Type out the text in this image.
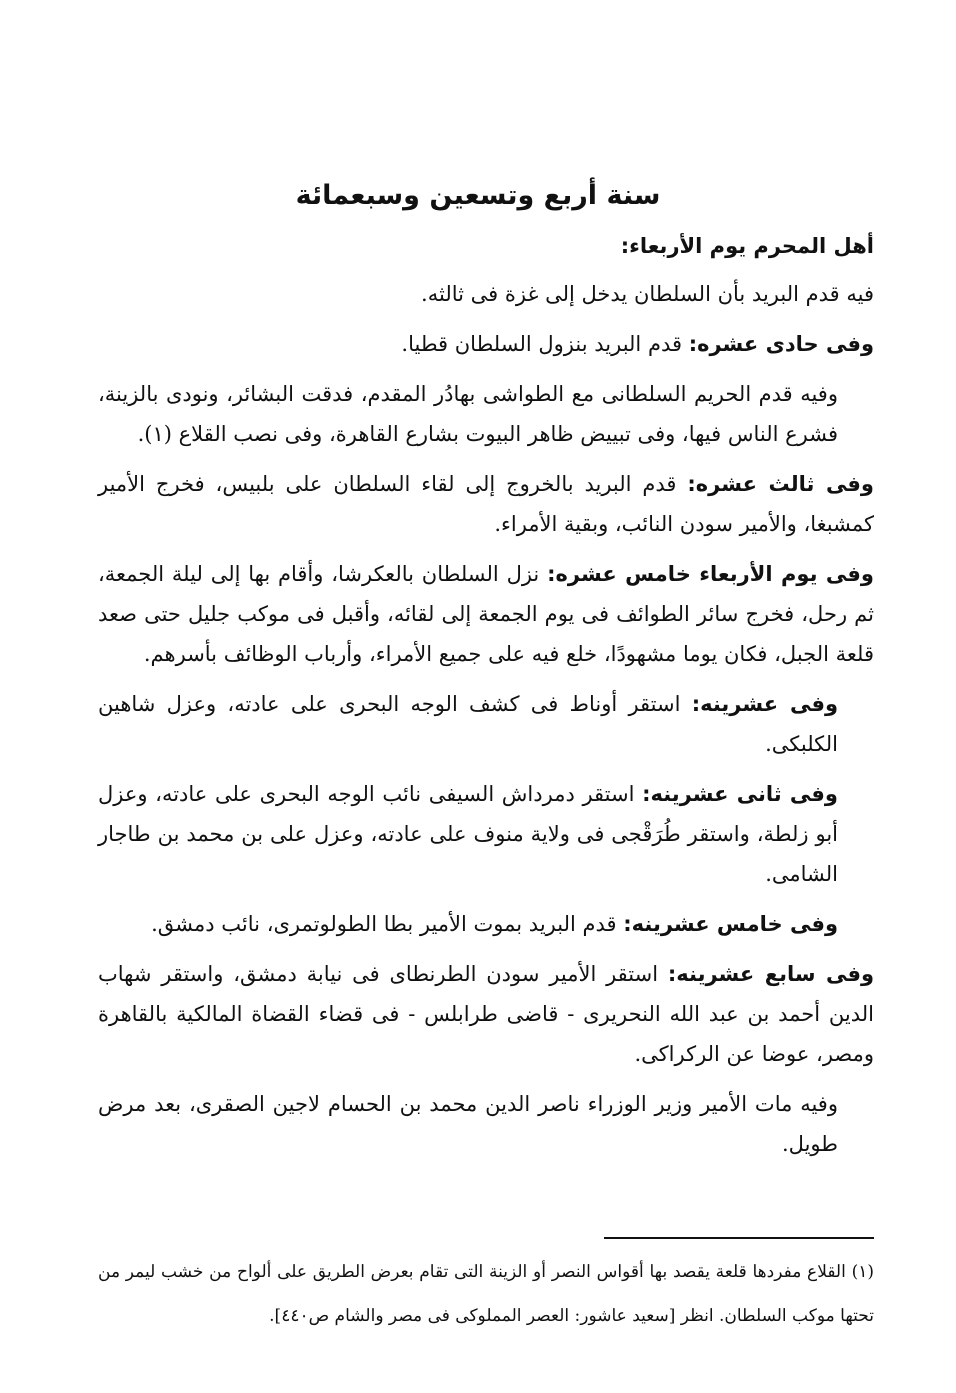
سنة أربع وتسعين وسبعمائة
أهل المحرم يوم الأربعاء:

فيه قدم البريد بأن السلطان يدخل إلى غزة فى ثالثه.

وفى حادى عشره: قدم البريد بنزول السلطان قطيا.

وفيه قدم الحريم السلطانى مع الطواشى بهادُر المقدم، فدقت البشائر، ونودى بالزينة، فشرع الناس فيها، وفى تبييض ظاهر البيوت بشارع القاهرة، وفى نصب القلاع (١).

وفى ثالث عشره: قدم البريد بالخروج إلى لقاء السلطان على بلبيس، فخرج الأمير كمشبغا، والأمير سودن النائب، وبقية الأمراء.

وفى يوم الأربعاء خامس عشره: نزل السلطان بالعكرشا، وأقام بها إلى ليلة الجمعة، ثم رحل، فخرج سائر الطوائف فى يوم الجمعة إلى لقائه، وأقبل فى موكب جليل حتى صعد قلعة الجبل، فكان يوما مشهودًا، خلع فيه على جميع الأمراء، وأرباب الوظائف بأسرهم.

وفى عشرينه: استقر أوناط فى كشف الوجه البحرى على عادته، وعزل شاهين الكلبكى.

وفى ثانى عشرينه: استقر دمرداش السيفى نائب الوجه البحرى على عادته، وعزل أبو زلطة، واستقر طُرَقْجى فى ولاية منوف على عادته، وعزل على بن محمد بن طاجار الشامى.

وفى خامس عشرينه: قدم البريد بموت الأمير بطا الطولوتمرى، نائب دمشق.

وفى سابع عشرينه: استقر الأمير سودن الطرنطاى فى نيابة دمشق، واستقر شهاب الدين أحمد بن عبد الله النحريرى - قاضى طرابلس - فى قضاء القضاة المالكية بالقاهرة ومصر، عوضا عن الركراكى.

وفيه مات الأمير وزير الوزراء ناصر الدين محمد بن الحسام لاجين الصقرى، بعد مرض طويل.

(١) القلاع مفردها قلعة يقصد بها أقواس النصر أو الزينة التى تقام بعرض الطريق على ألواح من خشب ليمر من تحتها موكب السلطان. انظر [سعيد عاشور: العصر المملوكى فى مصر والشام ص٤٤٠].
